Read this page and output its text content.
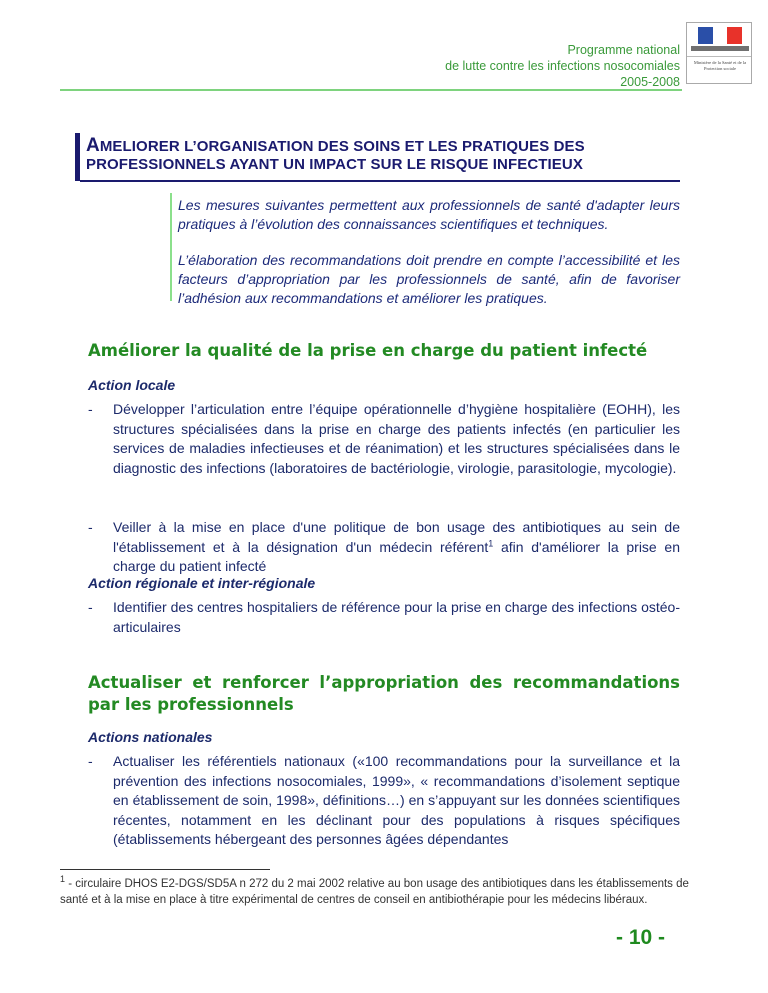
Programme national
de lutte contre les infections nosocomiales
2005-2008
Ministère de la Santé et de la Protection sociale
AMELIORER L’ORGANISATION DES SOINS ET LES PRATIQUES DES
PROFESSIONNELS AYANT UN IMPACT SUR LE RISQUE INFECTIEUX

Les mesures suivantes permettent aux professionnels de santé d'adapter leurs pratiques à l’évolution des connaissances scientifiques et techniques.

L’élaboration des recommandations doit prendre en compte l’accessibilité et les facteurs d’appropriation par les professionnels de santé, afin de favoriser l’adhésion aux recommandations et améliorer les pratiques.

Améliorer la qualité de la prise en charge du patient infecté
Action locale
- Développer l’articulation entre l’équipe opérationnelle d’hygiène hospitalière (EOHH), les structures spécialisées dans la prise en charge des patients infectés (en particulier les services de maladies infectieuses et de réanimation) et les structures spécialisées dans le diagnostic des infections (laboratoires de bactériologie, virologie, parasitologie, mycologie).
- Veiller à la mise en place d'une politique de bon usage des antibiotiques au sein de l'établissement et à la désignation d'un médecin référent$^1$ afin d'améliorer la prise en charge du patient infecté
Action régionale et inter-régionale
- Identifier des centres hospitaliers de référence pour la prise en charge des infections ostéo-articulaires
Actualiser et renforcer l’appropriation des recommandations par les professionnels
Actions nationales
- Actualiser les référentiels nationaux («100 recommandations pour la surveillance et la prévention des infections nosocomiales, 1999», « recommandations d’isolement septique en établissement de soin, 1998», définitions…) en s’appuyant sur les données scientifiques récentes, notamment en les déclinant pour des populations à risques spécifiques (établissements hébergeant des personnes âgées dépendantes
$^1$ - circulaire DHOS E2-DGS/SD5A n 272 du 2 mai 2002 relative au bon usage des antibiotiques dans les établissements de santé et à la mise en place à titre expérimental de centres de conseil en antibiothérapie pour les médecins libéraux.
- 10 -
